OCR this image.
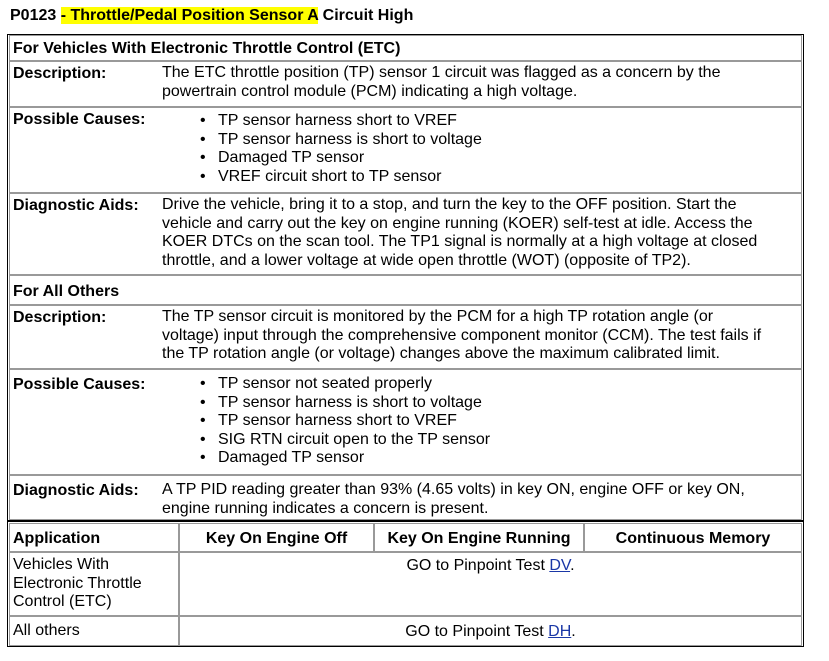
P0123 - Throttle/Pedal Position Sensor A Circuit High
For Vehicles With Electronic Throttle Control (ETC)
Description:	The ETC throttle position (TP) sensor 1 circuit was flagged as a concern by the
powertrain control module (PCM) indicating a high voltage.
Possible Causes:	• TP sensor harness short to VREF
• TP sensor harness is short to voltage
• Damaged TP sensor
• VREF circuit short to TP sensor
Diagnostic Aids: Drive the vehicle, bring it to a stop, and turn the key to the OFF position. Start the
vehicle and carry out the key on engine running (KOER) self-test at idle. Access the
KOER DTCs on the scan tool. The TP1 signal is normally at a high voltage at closed
throttle, and a lower voltage at wide open throttle (WOT) (opposite of TP2).
For All Others
Description:	The TP sensor circuit is monitored by the PCM for a high TP rotation angle (or
voltage) input through the comprehensive component monitor (CCM). The test fails if
the TP rotation angle (or voltage) changes above the maximum calibrated limit.
Possible Causes:	• TP sensor not seated properly
• TP sensor harness is short to voltage
• TP sensor harness short to VREF
• SIG RTN circuit open to the TP sensor
• Damaged TP sensor
Diagnostic Aids: A TP PID reading greater than 93% (4.65 volts) in key ON, engine OFF or key ON,
engine running indicates a concern is present.
Application	Key On Engine Off	Key On Engine Running	Continuous Memory
Vehicles With
Electronic Throttle
Control (ETC)
GO to Pinpoint Test DV.
All others	GO to Pinpoint Test DH.
